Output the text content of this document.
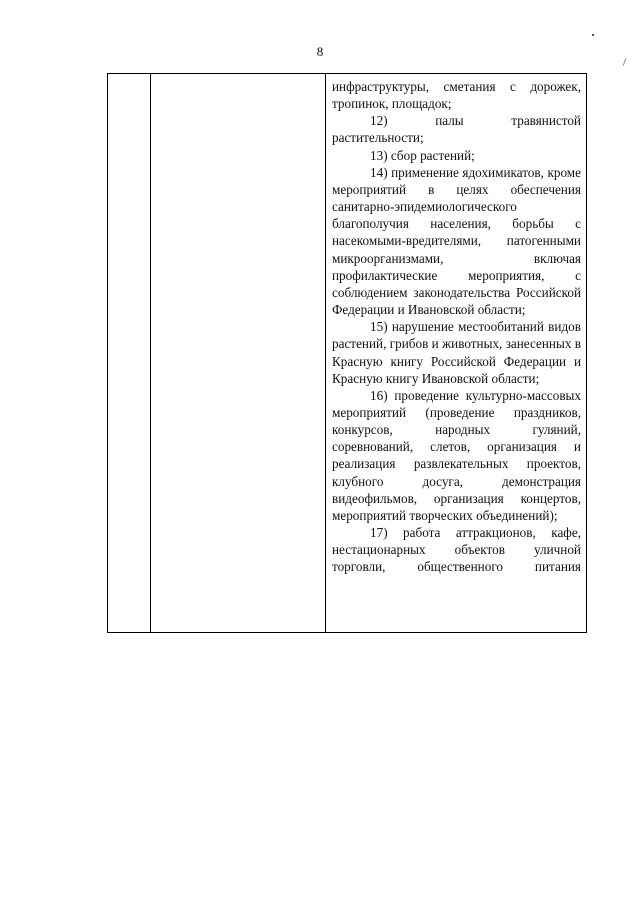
8

инфраструктуры, сметания с дорожек, тропинок, площадок;

12) палы травянистой растительности;

13) сбор растений;

14) применение ядохимикатов, кроме мероприятий в целях обеспечения санитарно-эпидемиологического благополучия населения, борьбы с насекомыми-вредителями, патогенными микроорганизмами, включая профилактические мероприятия, с соблюдением законодательства Российской Федерации и Ивановской области;

15) нарушение местообитаний видов растений, грибов и животных, занесенных в Красную книгу Российской Федерации и Красную книгу Ивановской области;

16) проведение культурно-массовых мероприятий (проведение праздников, конкурсов, народных гуляний, соревнований, слетов, организация и реализация развлекательных проектов, клубного досуга, демонстрация видеофильмов, организация концертов, мероприятий творческих объединений);

17) работа аттракционов, кафе, нестационарных объектов уличной торговли, общественного питания
